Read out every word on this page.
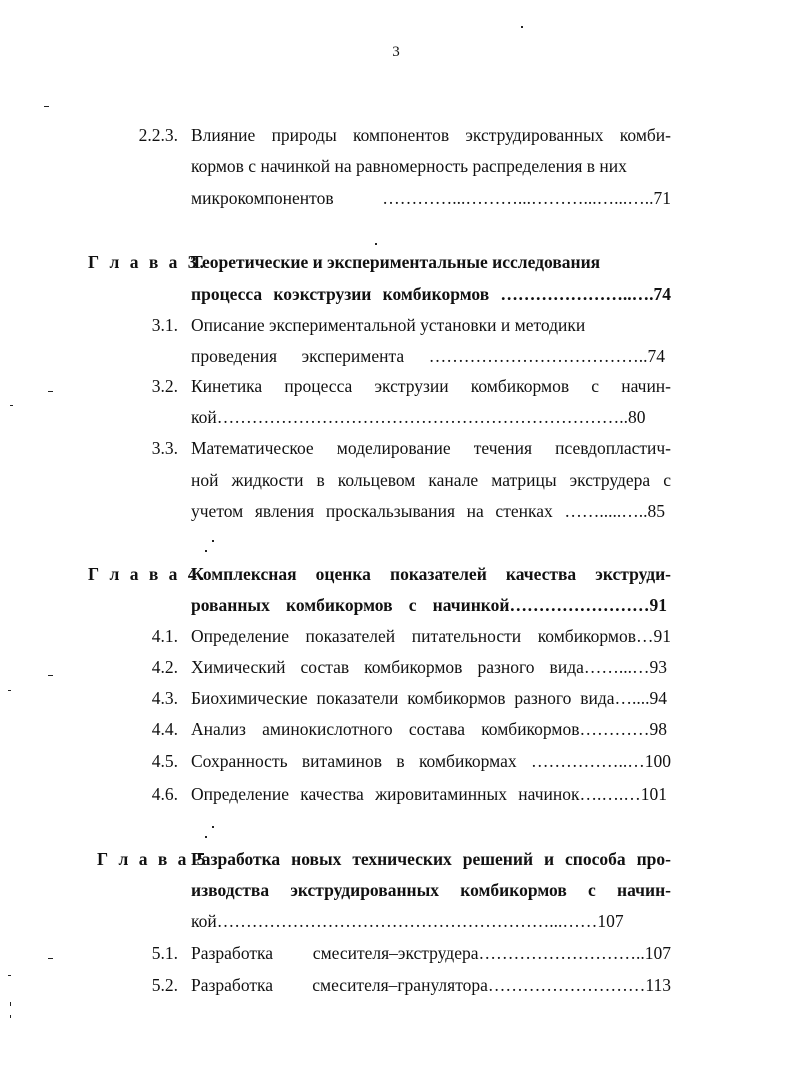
3
2.2.3. Влияние природы компонентов экструдированных комби-
кормов с начинкой на равномерность распределения в них
микрокомпонентов …………...………...………...…...…..71
Г л а в а 3.
Теоретические и экспериментальные исследования
процесса коэкструзии комбикормов …………………..….74
3.1. Описание экспериментальной установки и методики
проведения эксперимента ………………………………..74
3.2. Кинетика процесса экструзии комбикормов с начин-
кой……………………………………………………………..80
3.3. Математическое моделирование течения псевдопластич-
ной жидкости в кольцевом канале матрицы экструдера с
учетом явления проскальзывания на стенках …….....…..85
Г л а в а 4.
Комплексная оценка показателей качества экструди-
рованных комбикормов с начинкой……………………91
4.1. Определение показателей питательности комбикормов…91
4.2. Химический состав комбикормов разного вида……...…93
4.3. Биохимические показатели комбикормов разного вида…....94
4.4. Анализ аминокислотного состава комбикормов…………98
4.5. Сохранность витаминов в комбикормах ……………..…100
4.6. Определение качества жировитаминных начинок….….…101
Г л а в а 5
Разработка новых технических решений и способа про-
изводства экструдированных комбикормов с начин-
кой…………………………………………………...……107
5.1. Разработка смесителя–экструдера………………………..107
5.2. Разработка смесителя–гранулятора………………………113
